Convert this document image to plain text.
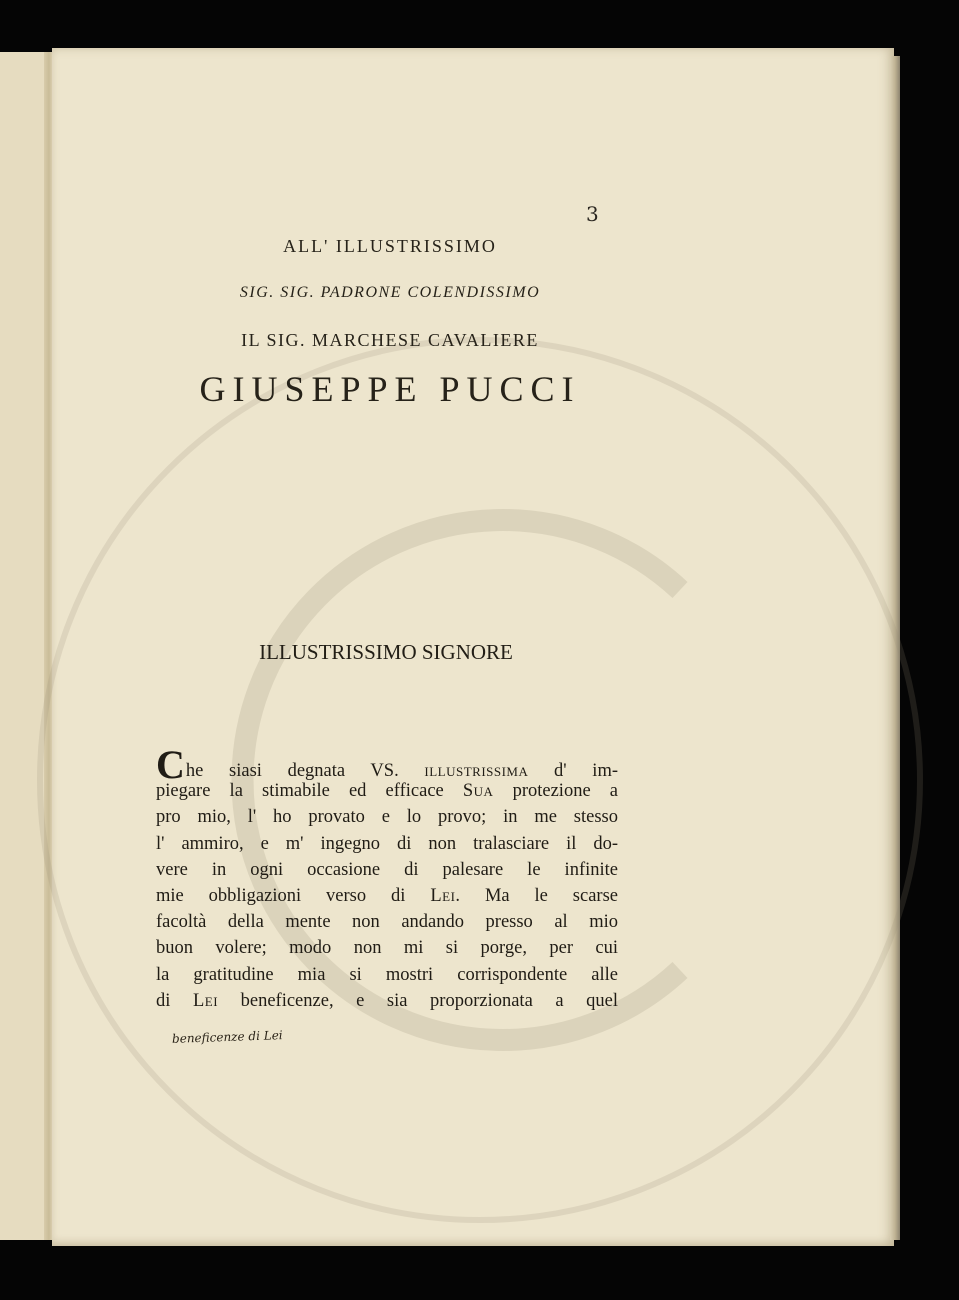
3
ALL' ILLUSTRISSIMO
SIG. SIG. PADRONE COLENDISSIMO
IL SIG. MARCHESE CAVALIERE
GIUSEPPE PUCCI
ILLUSTRISSIMO SIGNORE
Che siasi degnata VS. illustrissima d' im-
piegare la stimabile ed efficace Sua protezione a
pro mio, l' ho provato e lo provo; in me stesso
l' ammiro, e m' ingegno di non tralasciare il do-
vere in ogni occasione di palesare le infinite
mie obbligazioni verso di Lei. Ma le scarse
facoltà della mente non andando presso al mio
buon volere; modo non mi si porge, per cui
la gratitudine mia si mostri corrispondente alle
di Lei beneficenze, e sia proporzionata a quel
beneficenze di Lei
